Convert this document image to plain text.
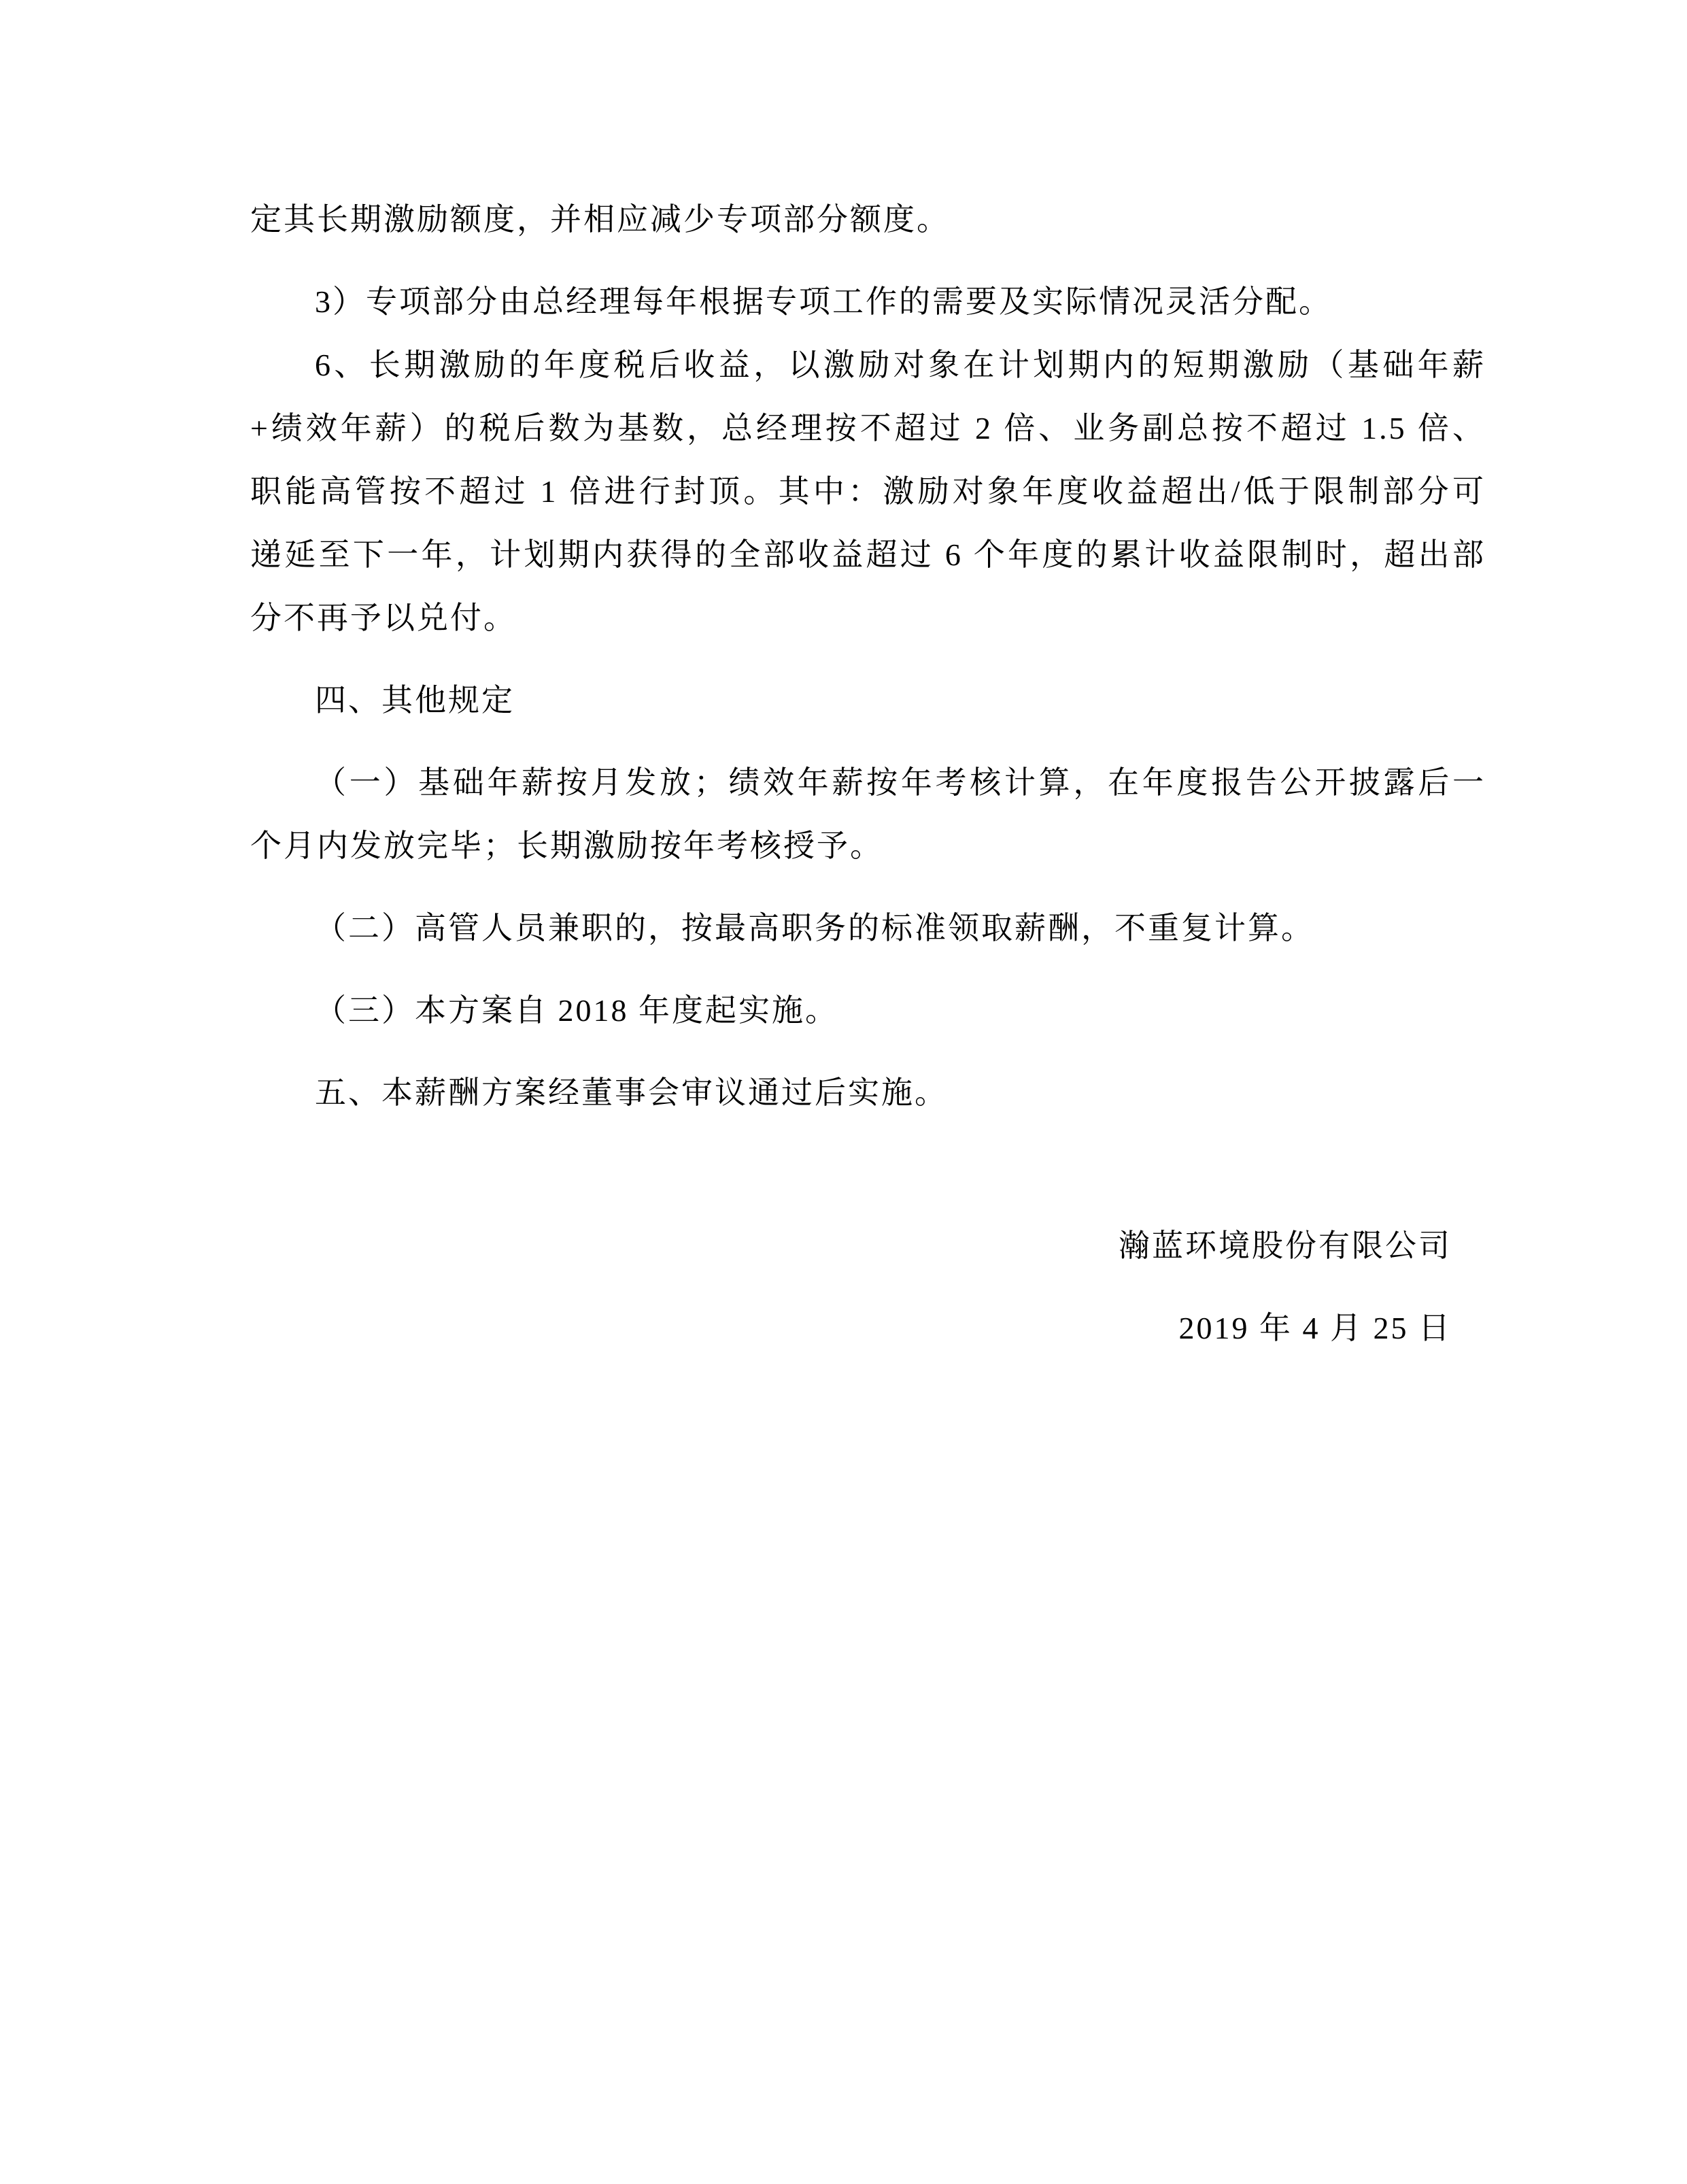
定其长期激励额度，并相应减少专项部分额度。
3）专项部分由总经理每年根据专项工作的需要及实际情况灵活分配。
6、长期激励的年度税后收益，以激励对象在计划期内的短期激励（基础年薪
+绩效年薪）的税后数为基数，总经理按不超过 2 倍、业务副总按不超过 1.5 倍、
职能高管按不超过 1 倍进行封顶。其中：激励对象年度收益超出/低于限制部分可
递延至下一年，计划期内获得的全部收益超过 6 个年度的累计收益限制时，超出部
分不再予以兑付。
四、其他规定
（一）基础年薪按月发放；绩效年薪按年考核计算，在年度报告公开披露后一
个月内发放完毕；长期激励按年考核授予。
（二）高管人员兼职的，按最高职务的标准领取薪酬，不重复计算。
（三）本方案自 2018 年度起实施。
五、本薪酬方案经董事会审议通过后实施。
瀚蓝环境股份有限公司
2019 年 4 月 25 日
